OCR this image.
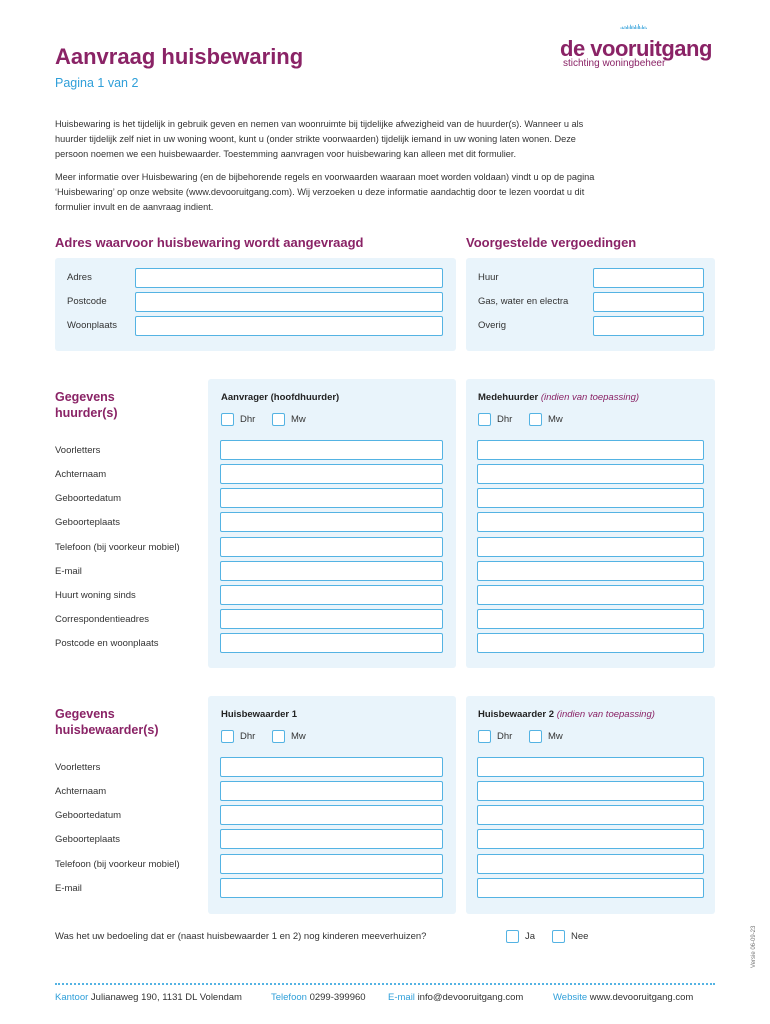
Aanvraag huisbewaring
Pagina 1 van 2
de vooruitgang
stichting woningbeheer
Huisbewaring is het tijdelijk in gebruik geven en nemen van woonruimte bij tijdelijke afwezigheid van de huurder(s). Wanneer u als
huurder tijdelijk zelf niet in uw woning woont, kunt u (onder strikte voorwaarden) tijdelijk iemand in uw woning laten wonen. Deze
persoon noemen we een huisbewaarder. Toestemming aanvragen voor huisbewaring kan alleen met dit formulier.
Meer informatie over Huisbewaring (en de bijbehorende regels en voorwaarden waaraan moet worden voldaan) vindt u op de pagina
‘Huisbewaring’ op onze website (www.devooruitgang.com). Wij verzoeken u deze informatie aandachtig door te lezen voordat u dit
formulier invult en de aanvraag indient.
Adres waarvoor huisbewaring wordt aangevraagd
Adres
Postcode
Woonplaats
Voorgestelde vergoedingen
Huur
Gas, water en electra
Overig
Gegevens
huurder(s)
Aanvrager (hoofdhuurder)	Medehuurder (indien van toepassing)
Dhr	Mw	Dhr	Mw
Voorletters
Achternaam
Geboortedatum
Geboorteplaats
Telefoon (bij voorkeur mobiel)
E-mail
Huurt woning sinds
Correspondentieadres
Postcode en woonplaats
Gegevens
huisbewaarder(s)
Huisbewaarder 1	Huisbewaarder 2 (indien van toepassing)
Dhr	Mw	Dhr	Mw
Voorletters
Achternaam
Geboortedatum
Geboorteplaats
Telefoon (bij voorkeur mobiel)
E-mail
Was het uw bedoeling dat er (naast huisbewaarder 1 en 2) nog kinderen meeverhuizen?	Ja	Nee
Kantoor Julianaweg 190, 1131 DL Volendam	Telefoon 0299-399960 E-mail info@devooruitgang.com	Website www.devooruitgang.com
Versie 06-09-23
